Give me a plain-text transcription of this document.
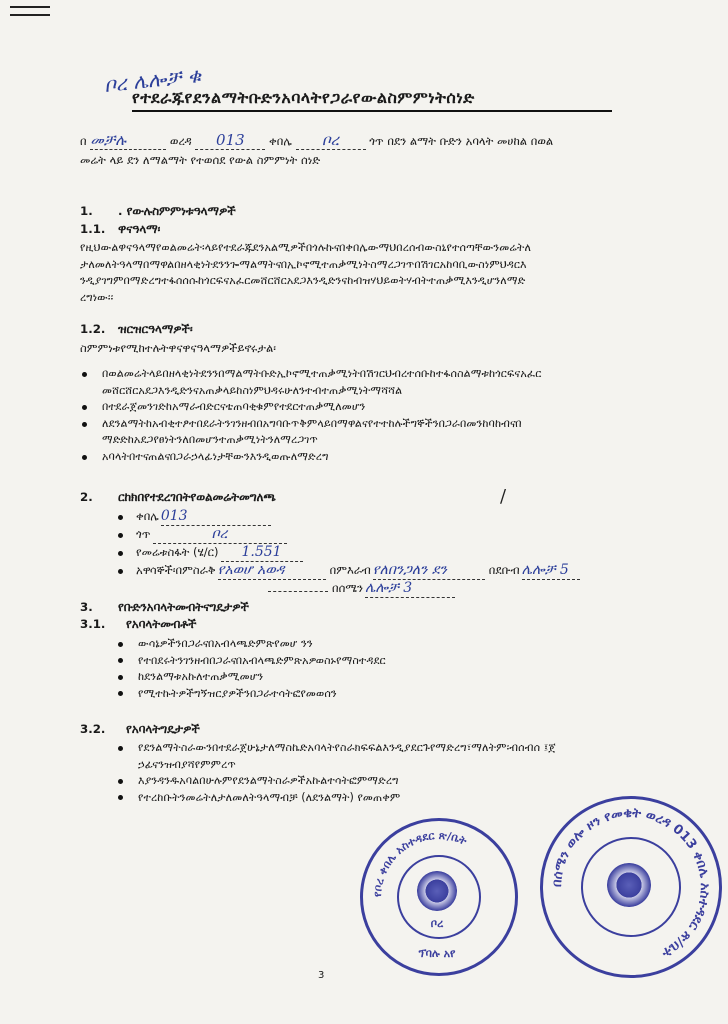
ቦረ ሌሎቻ ቁ
የተደራጁየደንልማትቡድንአባላትየጋራየውልስምምነትሰነድ
በ መቻሉ	ወረዳ 013 ቀበሌ ቦረ	ጎጥ በደን ልማት ቡድን አባላት መሀከል በወል
መሬት ላይ ደን ለማልማት የተወሰደ የውል ስምምነት ሰነድ
1. . የውሉስምምነቱዓላማዎች
1.1. ዋናዓላማ፡
የዚህውልዋናዓላማየወልመሬት፡ላይየተደራጁደንአልሚዎችበጎሉኩናበቀበሌውማህበረሰብውስኒየተሰጣቸውንመሬትለ
ታለመለትዓላማበማዋልበዘላቂነትደንንጐማልማትናበኢኮኖሚተጠቃሚነትስማረጋገጥበሽገርአከባቢውስነምህዳርእ
ንዲያገግምበማድረግተፋሰሰሱከጎርፍናአፈርመሸርሸርአደጋእንዲድንናከብዝሃህይወትሃብትተጠቃሚእንዲሆንለማድ
ረግነው፡፡
1.2. ዝርዝርዓላማዎች፡
ስምምነቱየሚከተሉትዋናዋናዓላማዎችይኖሩታል፡
በወልመሬትላይበዘላቂነትደንንበማልማትቡድኢኮኖሚተጠቃሚነትበሽገርህብረተሰቡከተፋሰስልማቱከጎርፍናአፈር
መሸርሸርአደጋእንዲድንናአጠቃላይከስነምህዳሩሁለንተብተጠቃሚነትማሻሻል
በተደራጀመንገድከአማራብድርናቴጠባቂቁምየተደርተጠቃሚለመሆን
ለደንልማትከአብቂተፆተበደራትንገንዘብበአግባቡጥቅምላይበማዋልናየተተከሉችግኞችንበጋራበመንከባከብናበ
ማድድከአደጋየፀነትንለበመሆንተጠቃሚነትንለማረጋገጥ
አባላትበተናጠልናበጋራኃላፊነታቸውንእንዲወጡለማድረግ
2. ርከክበየተደረገበትየወልመሬትመግለጫ	/
ቀበሌ 013
ጎጥ	ቦረ
የመሬቱስፋት (ሄ/ር) 1.551
አዋሳኞች፡በምስራቅ የአወሆ አወዳ	በምእራብ የለበንጋለን ደን	በደቡብ ሌሎቻ 5
በሰሜን ሌሎቻ 3
3. የቡድንአባላትመብትናግዴታዎች
3.1. የአባላትመብቶች
ውሳኔዎችንበጋራናበአብላጫድምጽየመሆ ንን
የተበደሩትንገንዘብበጋራናበአብላጫድምጽአዎወስኑየማስተዳደር
ከደንልማቱአኩለተጠቃሚመሆን
የሚተኩትዎችግኝዝርያዎችንበጋራተሳትፎየመወሰን
3.2. የአባላትግዴታዎች
የደንልማትስራውንበተደራጀሁኔታለማስኬድአባላትየስራክፍፍልእንዲያደርጉየማድረግ፣ማለትም፡ብሰብሰ ፤ጀ
ኃፊናንዝብያሻየምምረጥ
እያንዳንዱአባልበሁሉምየደንልማትስራዎችአኩልተሳትፎምማድረግ
የተረከቡትንመሬትለታለመለትዓላማብቻ (ለደንልማት) የመጠቀም
የቦረ ቀበሌ አስተዳደር ጽ/ቤት
ቦረ
ፕባሉ አየ
በሰሜን ወሎ ዞን የመቄት ወረዳ 013 ቀበሌ አስተዳደር ጽ/ቤት
3
